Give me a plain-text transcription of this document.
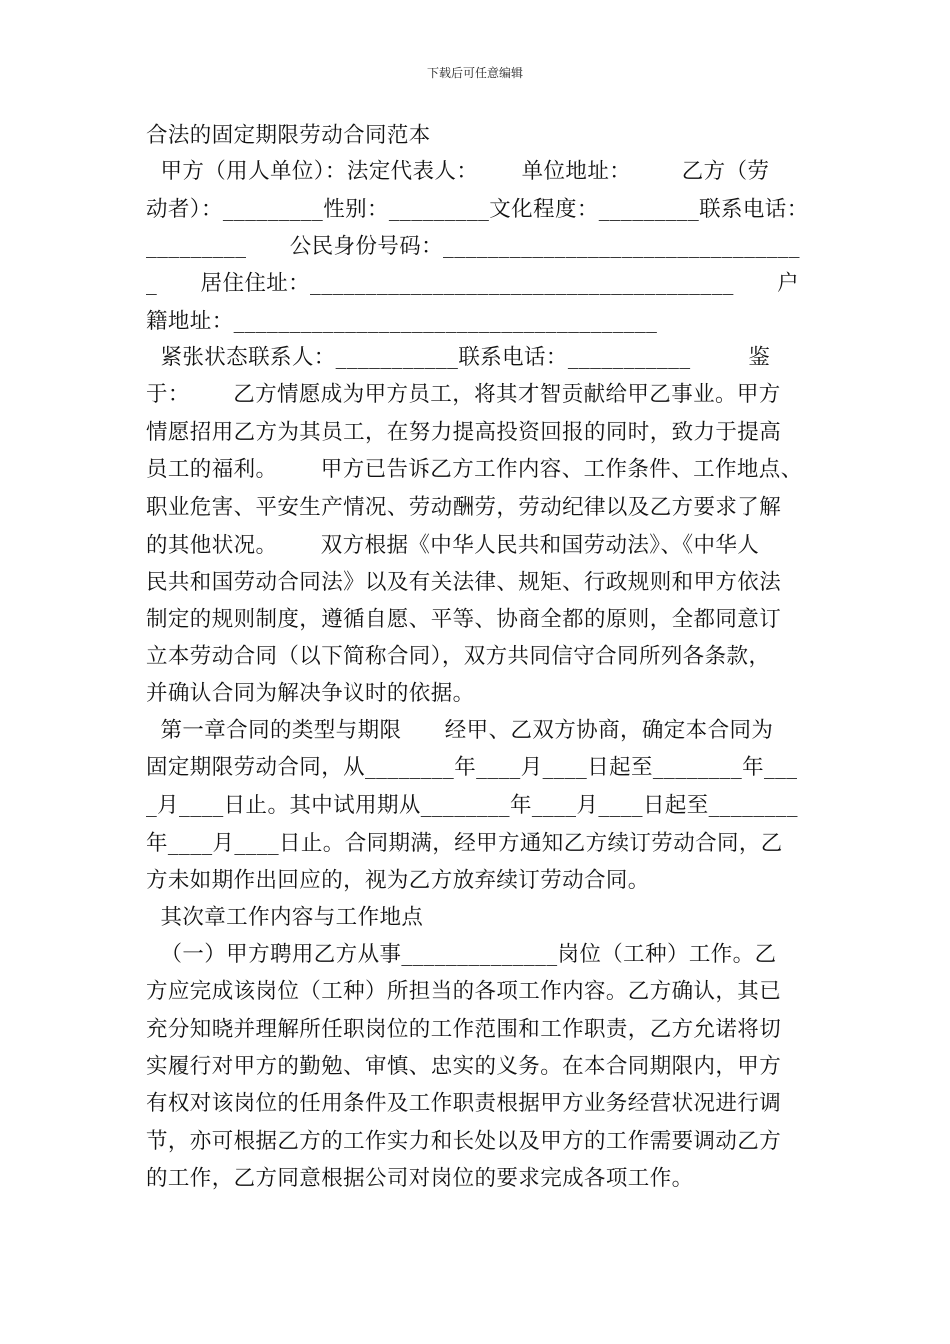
下载后可任意编辑
合法的固定期限劳动合同范本
甲方（用人单位）：法定代表人：      单位地址：       乙方（劳
动者）：_________性别：_________文化程度：_________联系电话：
_________      公民身份号码：________________________________
_      居住住址：______________________________________      户
籍地址：______________________________________
紧张状态联系人：___________联系电话：___________        鉴
于：      乙方情愿成为甲方员工，将其才智贡献给甲乙事业。甲方
情愿招用乙方为其员工，在努力提高投资回报的同时，致力于提高
员工的福利。      甲方已告诉乙方工作内容、工作条件、工作地点、
职业危害、平安生产情况、劳动酬劳，劳动纪律以及乙方要求了解
的其他状况。      双方根据《中华人民共和国劳动法》、《中华人
民共和国劳动合同法》以及有关法律、规矩、行政规则和甲方依法
制定的规则制度，遵循自愿、平等、协商全都的原则，全都同意订
立本劳动合同（以下简称合同），双方共同信守合同所列各条款，
并确认合同为解决争议时的依据。
第一章合同的类型与期限      经甲、乙双方协商，确定本合同为
固定期限劳动合同，从________年____月____日起至________年___
_月____日止。其中试用期从________年____月____日起至________
年____月____日止。合同期满，经甲方通知乙方续订劳动合同，乙
方未如期作出回应的，视为乙方放弃续订劳动合同。
其次章工作内容与工作地点
（一）甲方聘用乙方从事______________岗位（工种）工作。乙
方应完成该岗位（工种）所担当的各项工作内容。乙方确认，其已
充分知晓并理解所任职岗位的工作范围和工作职责，乙方允诺将切
实履行对甲方的勤勉、审慎、忠实的义务。在本合同期限内，甲方
有权对该岗位的任用条件及工作职责根据甲方业务经营状况进行调
节，亦可根据乙方的工作实力和长处以及甲方的工作需要调动乙方
的工作，乙方同意根据公司对岗位的要求完成各项工作。
